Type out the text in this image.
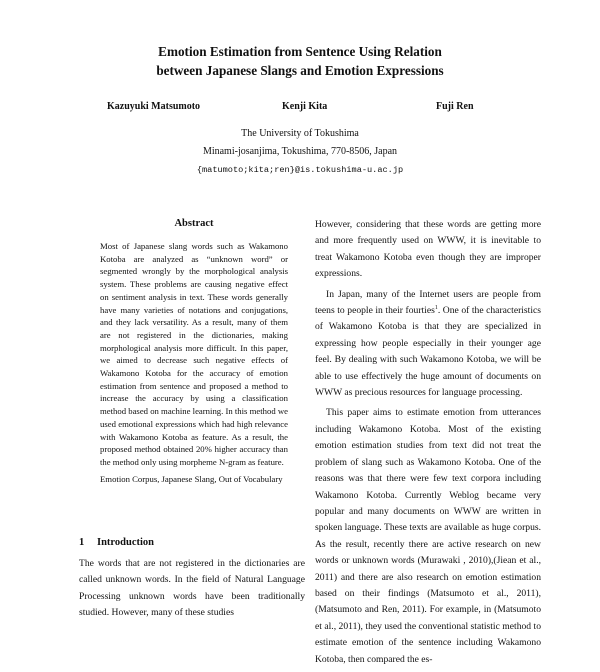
Emotion Estimation from Sentence Using Relation
between Japanese Slangs and Emotion Expressions
Kazuyuki Matsumoto	Kenji Kita	Fuji Ren
The University of Tokushima
Minami-josanjima, Tokushima, 770-8506, Japan
{matumoto;kita;ren}@is.tokushima-u.ac.jp
Abstract

Most of Japanese slang words such as Wakamono Kotoba are analyzed as “unknown word” or segmented wrongly by the morphological analysis system. These problems are causing negative effect on sentiment analysis in text. These words generally have many varieties of notations and conjugations, and they lack versatility. As a result, many of them are not registered in the dictionaries, making morphological analysis more difficult. In this paper, we aimed to decrease such negative effects of Wakamono Kotoba for the accuracy of emotion estimation from sentence and proposed a method to increase the accuracy by using a classification method based on machine learning. In this method we used emotional expressions which had high relevance with Wakamono Kotoba as feature. As a result, the proposed method obtained 20% higher accuracy than the method only using morpheme N-gram as feature.

Emotion Corpus, Japanese Slang, Out of Vocabulary

1 Introduction

The words that are not registered in the dictionaries are called unknown words. In the field of Natural Language Processing unknown words have been traditionally studied. However, many of these studies

However, considering that these words are getting more and more frequently used on WWW, it is inevitable to treat Wakamono Kotoba even though they are improper expressions.

In Japan, many of the Internet users are people from teens to people in their fourties$^1$. One of the characteristics of Wakamono Kotoba is that they are specialized in expressing how people especially in their younger age feel. By dealing with such Wakamono Kotoba, we will be able to use effectively the huge amount of documents on WWW as precious resources for language processing.

This paper aims to estimate emotion from utterances including Wakamono Kotoba. Most of the existing emotion estimation studies from text did not treat the problem of slang such as Wakamono Kotoba. One of the reasons was that there were few text corpora including Wakamono Kotoba. Currently Weblog became very popular and many documents on WWW are written in spoken language. These texts are available as huge corpus. As the result, recently there are active research on new words or unknown words (Murawaki , 2010),(Jiean et al., 2011) and there are also research on emotion estimation based on their findings (Matsumoto et al., 2011),(Matsumoto and Ren, 2011). For example, in (Matsumoto et al., 2011), they used the conventional statistic method to estimate emotion of the sentence including Wakamono Kotoba, then compared the es-
